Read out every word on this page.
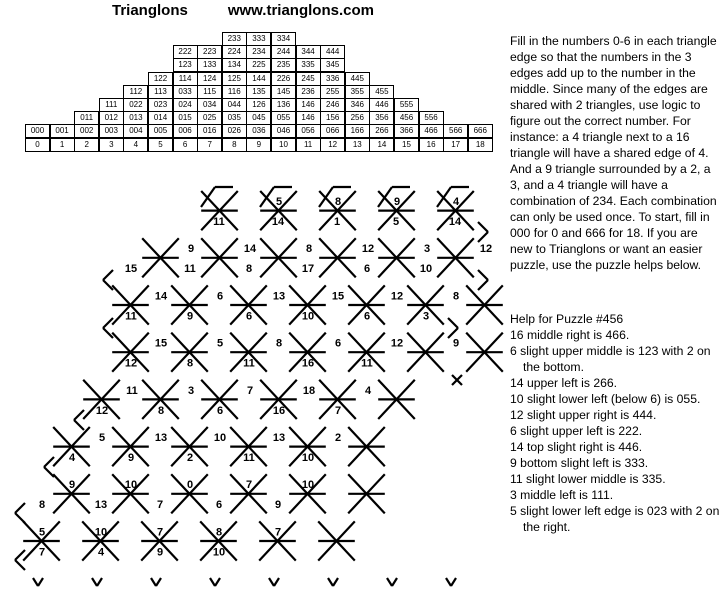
Trianglons	www.trianglons.com
233	333	334
222	223	224	234	244	344	444
123	133	134	225	235	335	345
122	114	124	125	144	226	245	336	445
112	113	033	115	116	135	145	236	255	355	455
111	022	023	024	034	044	126	136	146	246	346	446	555
011	012	013	014	015	025	035	045	055	146	156	256	356	456	556
000	001	002	003	004	005	006	016	026	036	046	056	066	166	266	366	466	566	666
0	1	2	3	4	5	6	7	8	9	10	11	12	13	14	15	16	17	18
5	8	9	4
11	14	1	5	14
9	14	8	12	3	12
15	11	8	17	6	10
14	6	13	15	12	8
11	9	6	10	6	3
15	5	8	6	12	9
12	8	11	16	11
11	3	7	18	4
12	8	6	16	7
5	13	10	13	2
4	9	2	11	10
9	10	0	7	10
8	13	7	6	9
5	10	7	8	7
7	4	9	10
Fill in the numbers 0-6 in each triangle edge so that the numbers in the 3 edges add up to the number in the middle. Since many of the edges are shared with 2 triangles, use logic to figure out the correct number. For instance: a 4 triangle next to a 16 triangle will have a shared edge of 4. And a 9 triangle surrounded by a 2, a 3, and a 4 triangle will have a combination of 234. Each combination can only be used once. To start, fill in 000 for 0 and 666 for 18. If you are new to Trianglons or want an easier puzzle, use the puzzle helps below.
Help for Puzzle #456
16 middle right is 466.
6 slight upper middle is 123 with 2 on the bottom.
14 upper left is 266.
10 slight lower left (below 6) is 055.
12 slight upper right is 444.
6 slight upper left is 222.
14 top slight right is 446.
9 bottom slight left is 333.
11 slight lower middle is 335.
3 middle left is 111.
5 slight lower left edge is 023 with 2 on the right.
